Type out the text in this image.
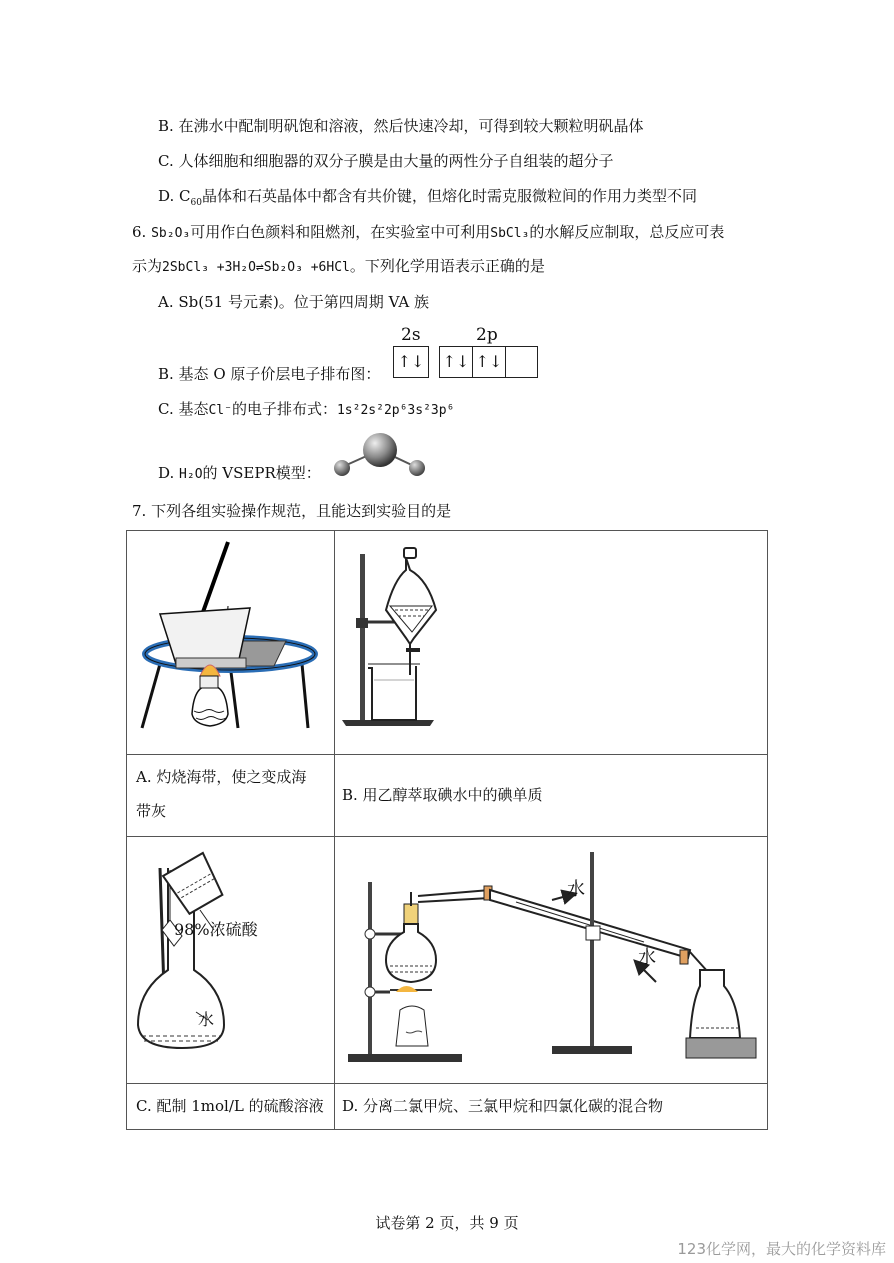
B. 在沸水中配制明矾饱和溶液，然后快速冷却，可得到较大颗粒明矾晶体
C. 人体细胞和细胞器的双分子膜是由大量的两性分子自组装的超分子
D. $C_{60}$晶体和石英晶体中都含有共价键，但熔化时需克服微粒间的作用力类型不同
6. Sb₂O₃可用作白色颜料和阻燃剂，在实验室中可利用SbCl₃的水解反应制取，总反应可表
示为2SbCl₃ +3H₂O⇌Sb₂O₃ +6HCl。下列化学用语表示正确的是
A. Sb(51 号元素)。位于第四周期 VA 族
B. 基态 O 原子价层电子排布图：
2s	2p
↑↓ ↑↓ ↑↓
C. 基态Cl⁻的电子排布式：1s²2s²2p⁶3s²3p⁶
D. H₂O的 VSEPR模型：
7. 下列各组实验操作规范，且能达到实验目的是
A. 灼烧海带，使之变成海
带灰
B. 用乙醇萃取碘水中的碘单质
C. 配制 1mol/L 的硫酸溶液 D. 分离二氯甲烷、三氯甲烷和四氯化碳的混合物
98%浓硫酸
水
水
水
试卷第 2 页，共 9 页
123化学网，最大的化学资料库
